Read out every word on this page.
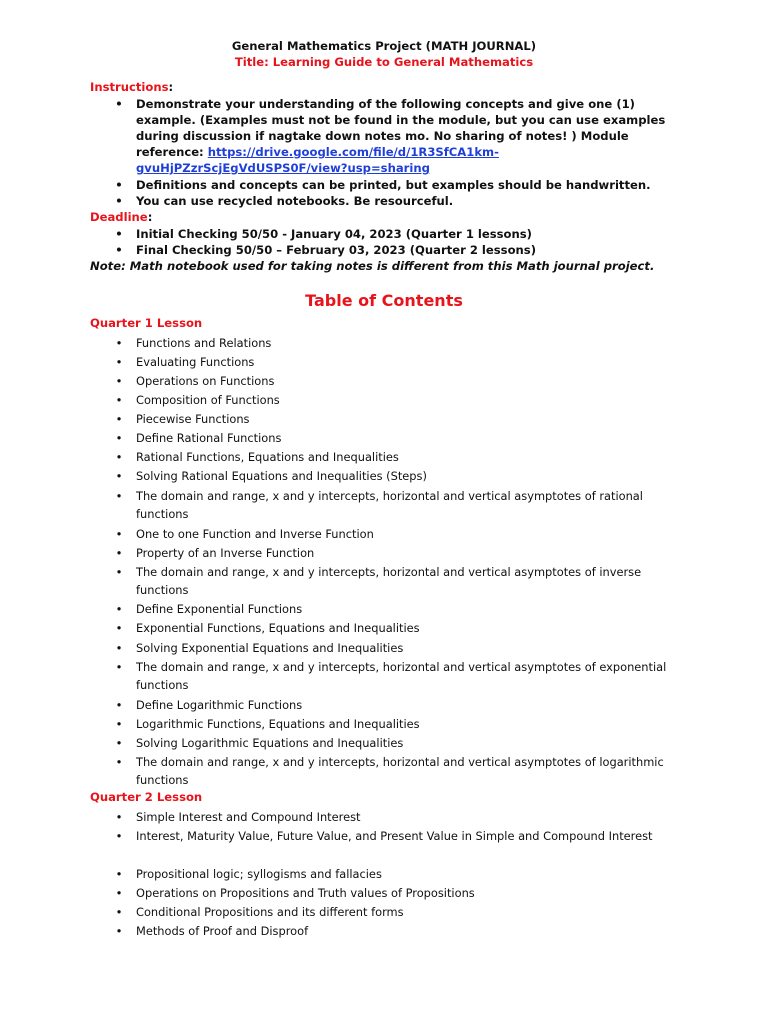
General Mathematics Project (MATH JOURNAL)
Title: Learning Guide to General Mathematics
Instructions:
• Demonstrate your understanding of the following concepts and give one (1) example. (Examples must not be found in the module, but you can use examples during discussion if nagtake down notes mo. No sharing of notes! ) Module reference: https://drive.google.com/file/d/1R3SfCA1km-
gvuHjPZzrScjEgVdUSPS0F/view?usp=sharing
• Definitions and concepts can be printed, but examples should be handwritten.
• You can use recycled notebooks. Be resourceful.
Deadline:
• Initial Checking 50/50 - January 04, 2023 (Quarter 1 lessons)
• Final Checking 50/50 – February 03, 2023 (Quarter 2 lessons)
Note: Math notebook used for taking notes is different from this Math journal project.
Table of Contents
Quarter 1 Lesson
• Functions and Relations
• Evaluating Functions
• Operations on Functions
• Composition of Functions
• Piecewise Functions
• Define Rational Functions
• Rational Functions, Equations and Inequalities
• Solving Rational Equations and Inequalities (Steps)
• The domain and range, x and y intercepts, horizontal and vertical asymptotes of rational functions
• One to one Function and Inverse Function
• Property of an Inverse Function
• The domain and range, x and y intercepts, horizontal and vertical asymptotes of inverse functions
• Define Exponential Functions
• Exponential Functions, Equations and Inequalities
• Solving Exponential Equations and Inequalities
• The domain and range, x and y intercepts, horizontal and vertical asymptotes of exponential functions
• Define Logarithmic Functions
• Logarithmic Functions, Equations and Inequalities
• Solving Logarithmic Equations and Inequalities
• The domain and range, x and y intercepts, horizontal and vertical asymptotes of logarithmic functions
Quarter 2 Lesson
• Simple Interest and Compound Interest
• Interest, Maturity Value, Future Value, and Present Value in Simple and Compound Interest
• Propositional logic; syllogisms and fallacies
• Operations on Propositions and Truth values of Propositions
• Conditional Propositions and its different forms
• Methods of Proof and Disproof
